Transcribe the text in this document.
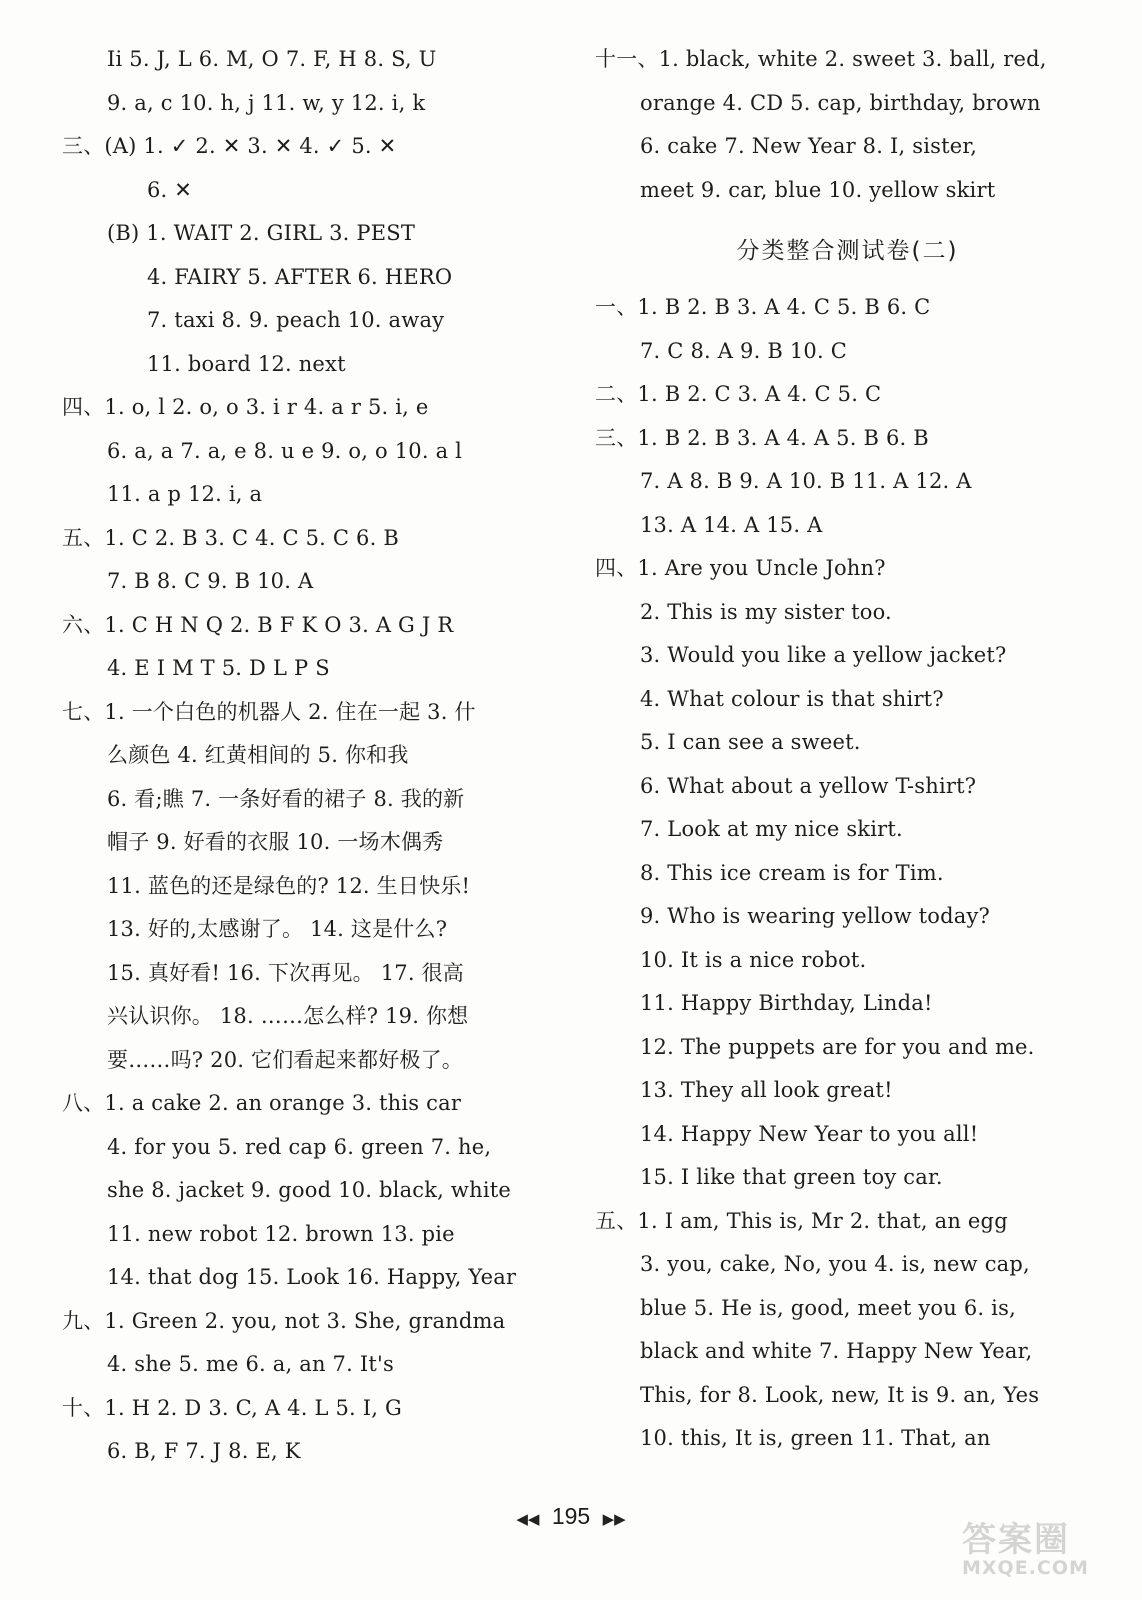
Ii 5. J, L 6. M, O 7. F, H 8. S, U
9. a, c 10. h, j 11. w, y 12. i, k
三、(A) 1. ✓ 2. ✕ 3. ✕ 4. ✓ 5. ✕
6. ✕
(B) 1. WAIT 2. GIRL 3. PEST
4. FAIRY 5. AFTER 6. HERO
7. taxi 8. 9. peach 10. away
11. board 12. next
四、1. o, l 2. o, o 3. i r 4. a r 5. i, e
6. a, a 7. a, e 8. u e 9. o, o 10. a l
11. a p 12. i, a
五、1. C 2. B 3. C 4. C 5. C 6. B
7. B 8. C 9. B 10. A
六、1. C H N Q 2. B F K O 3. A G J R
4. E I M T 5. D L P S
七、1. 一个白色的机器人 2. 住在一起 3. 什
么颜色 4. 红黄相间的 5. 你和我
6. 看;瞧 7. 一条好看的裙子 8. 我的新
帽子 9. 好看的衣服 10. 一场木偶秀
11. 蓝色的还是绿色的? 12. 生日快乐!
13. 好的,太感谢了。 14. 这是什么?
15. 真好看! 16. 下次再见。 17. 很高
兴认识你。 18. ……怎么样? 19. 你想
要……吗? 20. 它们看起来都好极了。
八、1. a cake 2. an orange 3. this car
4. for you 5. red cap 6. green 7. he,
she 8. jacket 9. good 10. black, white
11. new robot 12. brown 13. pie
14. that dog 15. Look 16. Happy, Year
九、1. Green 2. you, not 3. She, grandma
4. she 5. me 6. a, an 7. It's
十、1. H 2. D 3. C, A 4. L 5. I, G
6. B, F 7. J 8. E, K
十一、1. black, white 2. sweet 3. ball, red,
orange 4. CD 5. cap, birthday, brown
6. cake 7. New Year 8. I, sister,
meet 9. car, blue 10. yellow skirt
分类整合测试卷(二)
一、1. B 2. B 3. A 4. C 5. B 6. C
7. C 8. A 9. B 10. C
二、1. B 2. C 3. A 4. C 5. C
三、1. B 2. B 3. A 4. A 5. B 6. B
7. A 8. B 9. A 10. B 11. A 12. A
13. A 14. A 15. A
四、1. Are you Uncle John?
2. This is my sister too.
3. Would you like a yellow jacket?
4. What colour is that shirt?
5. I can see a sweet.
6. What about a yellow T-shirt?
7. Look at my nice skirt.
8. This ice cream is for Tim.
9. Who is wearing yellow today?
10. It is a nice robot.
11. Happy Birthday, Linda!
12. The puppets are for you and me.
13. They all look great!
14. Happy New Year to you all!
15. I like that green toy car.
五、1. I am, This is, Mr 2. that, an egg
3. you, cake, No, you 4. is, new cap,
blue 5. He is, good, meet you 6. is,
black and white 7. Happy New Year,
This, for 8. Look, new, It is 9. an, Yes
10. this, It is, green 11. That, an
◀◀ 195 ▶▶
答案圈
MXQE.COM
